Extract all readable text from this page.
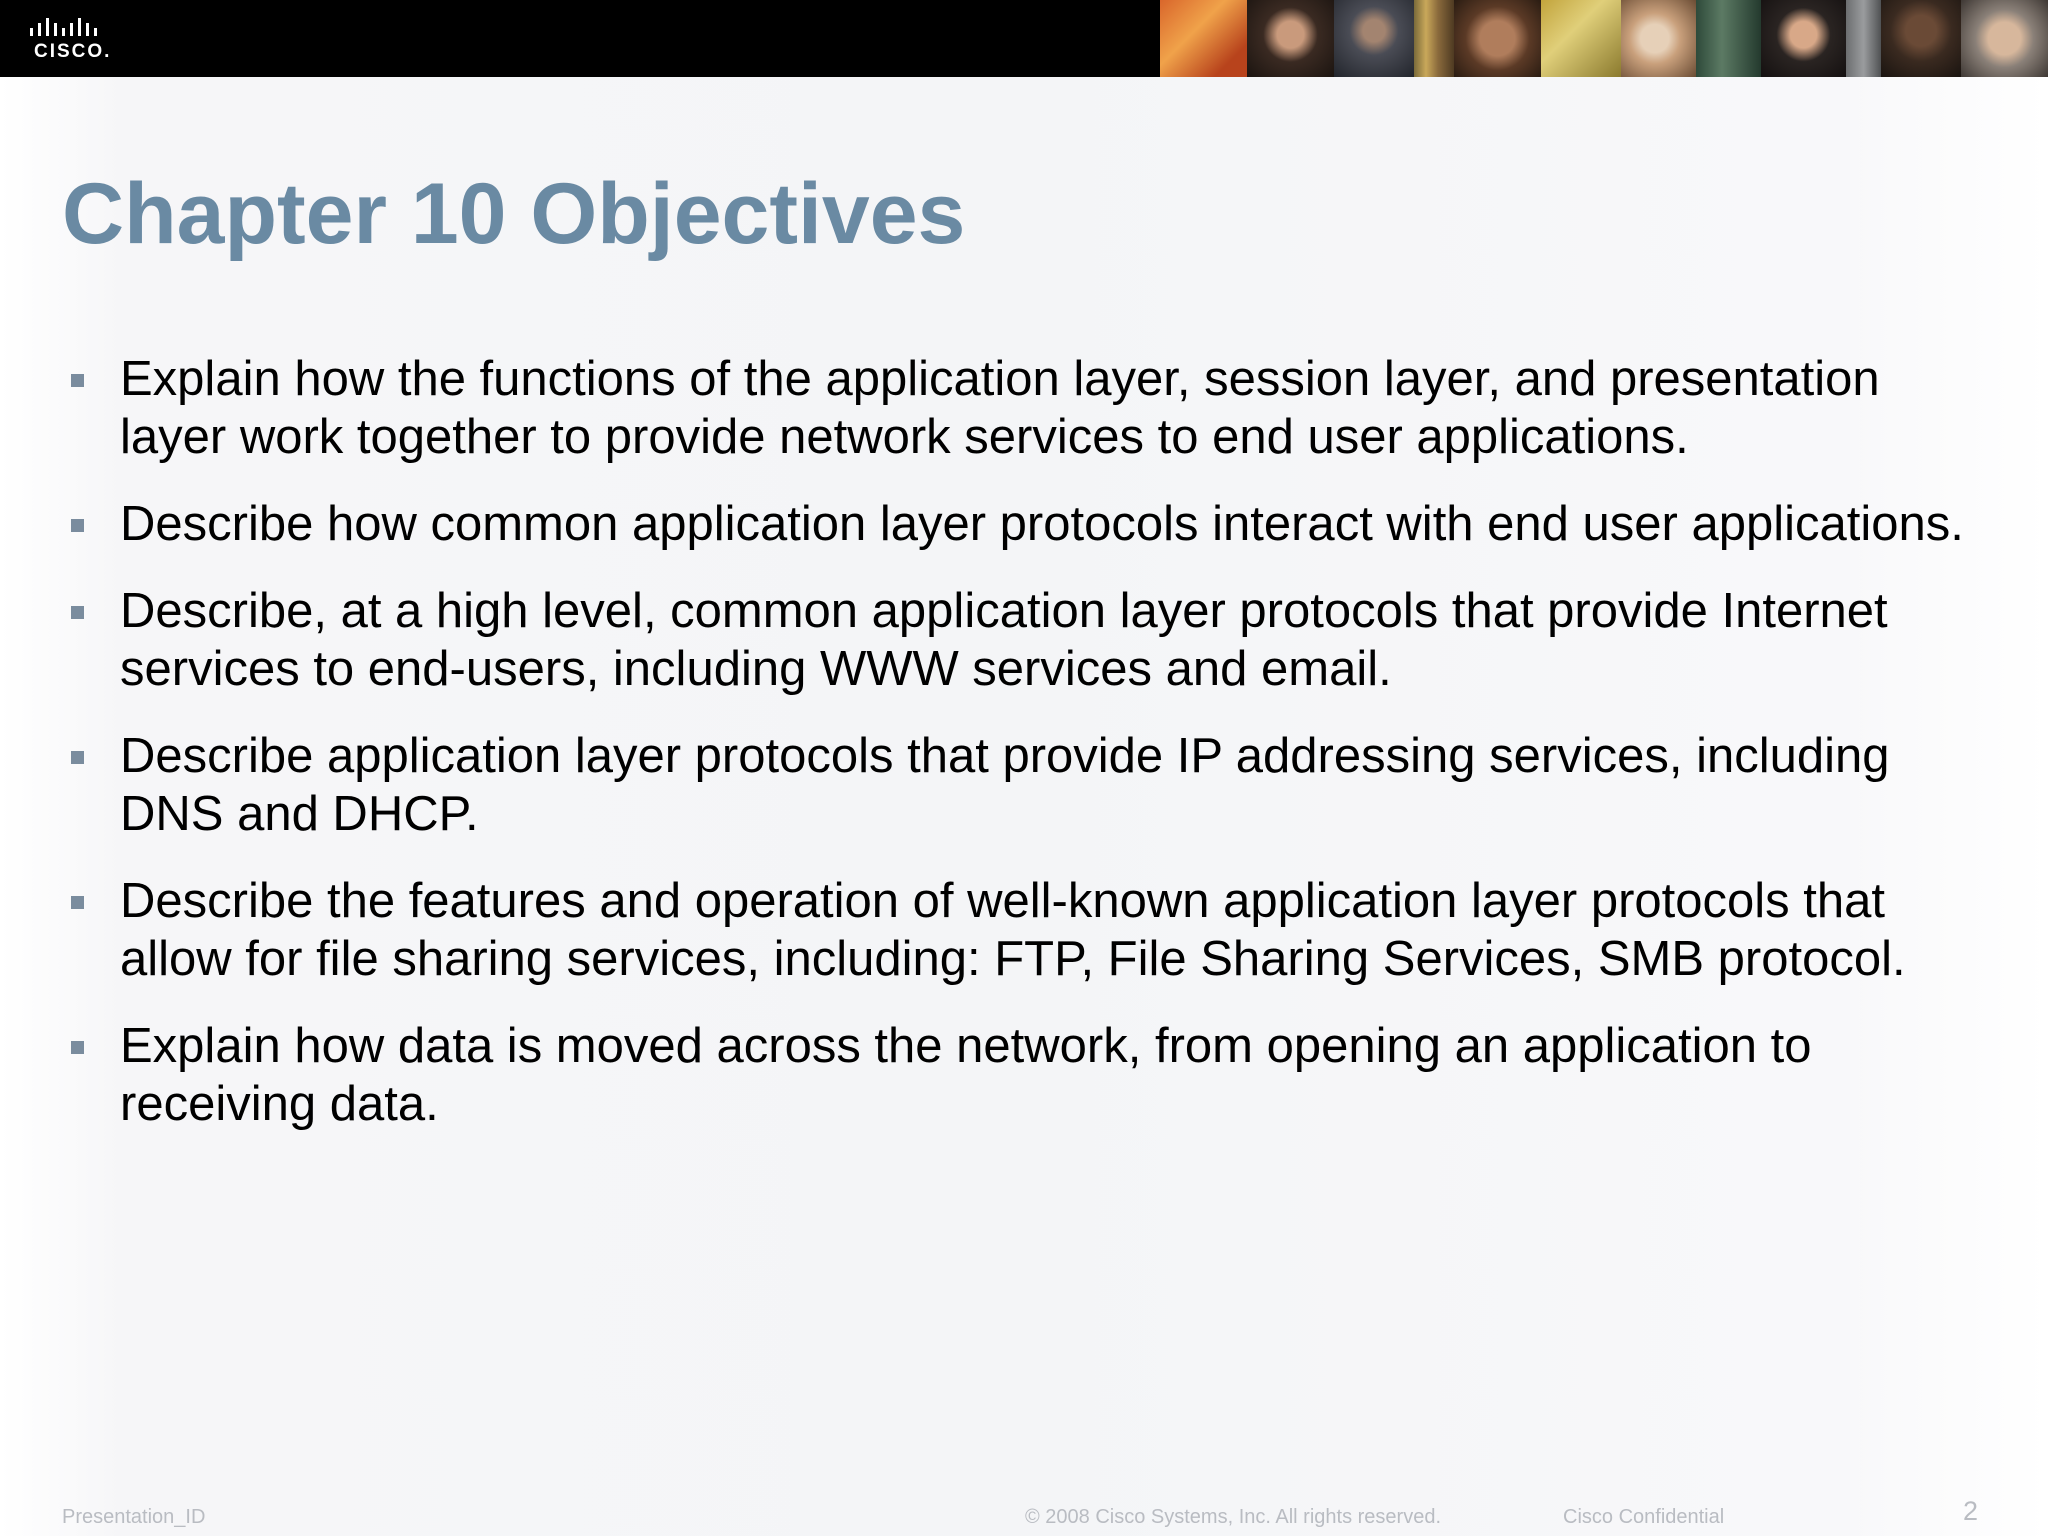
CISCO.
Chapter 10 Objectives
Explain how the functions of the application layer, session layer, and presentation layer work together to provide network services to end user applications.
Describe how common application layer protocols interact with end user applications.
Describe, at a high level, common application layer protocols that provide Internet services to end-users, including WWW services and email.
Describe application layer protocols that provide IP addressing services, including DNS and DHCP.
Describe the features and operation of well-known application layer protocols that allow for file sharing services, including: FTP, File Sharing Services, SMB protocol.
Explain how data is moved across the network, from opening an application to receiving data.
Presentation_ID	© 2008 Cisco Systems, Inc. All rights reserved.	Cisco Confidential	2
